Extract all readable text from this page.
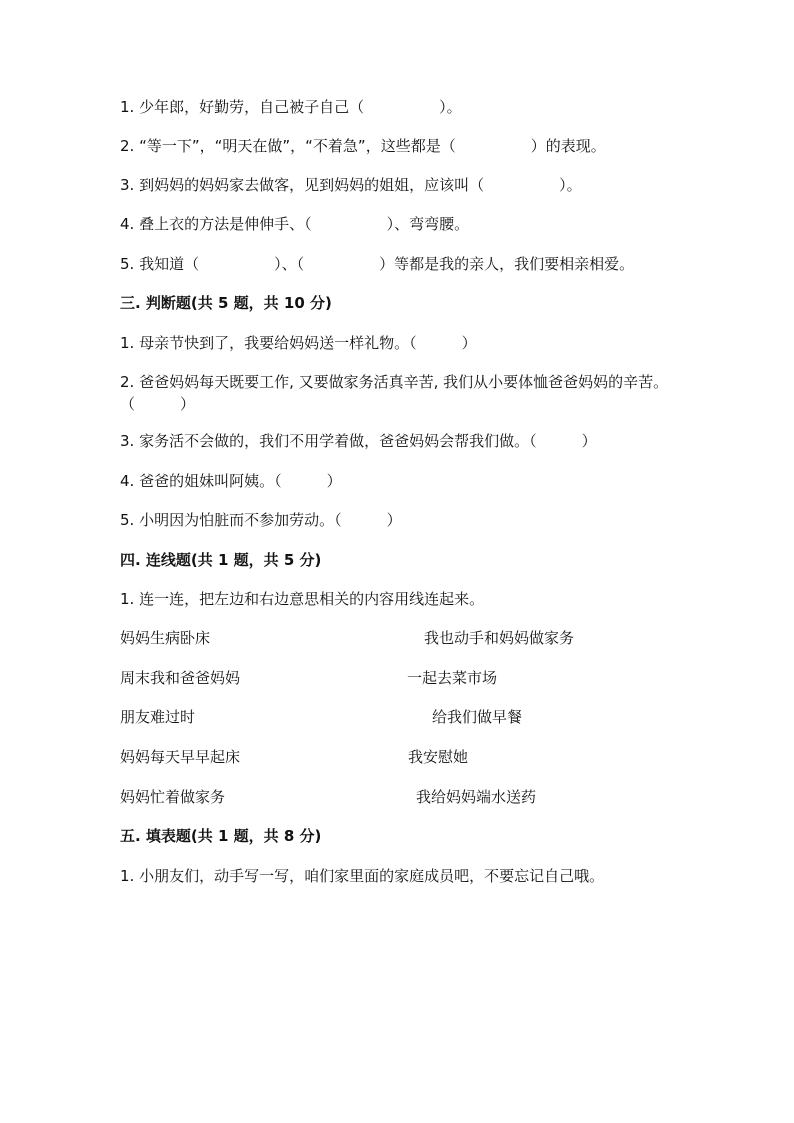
1. 少年郎，好勤劳，自己被子自己（　　　　　）。
2. “等一下”，“明天在做”，“不着急”，这些都是（　　　　　）的表现。
3. 到妈妈的妈妈家去做客，见到妈妈的姐姐，应该叫（　　　　　）。
4. 叠上衣的方法是伸伸手、（　　　　　）、弯弯腰。
5. 我知道（　　　　　）、（　　　　　）等都是我的亲人，我们要相亲相爱。
三. 判断题(共 5 题，共 10 分)
1. 母亲节快到了，我要给妈妈送一样礼物。（　　　）
2. 爸爸妈妈每天既要工作, 又要做家务活真辛苦, 我们从小要体恤爸爸妈妈的辛苦。（　　　）
3. 家务活不会做的，我们不用学着做，爸爸妈妈会帮我们做。（　　　）
4. 爸爸的姐妹叫阿姨。（　　　）
5. 小明因为怕脏而不参加劳动。（　　　）
四. 连线题(共 1 题，共 5 分)
1. 连一连，把左边和右边意思相关的内容用线连起来。
妈妈生病卧床	我也动手和妈妈做家务
周末我和爸爸妈妈	一起去菜市场
朋友难过时	给我们做早餐
妈妈每天早早起床	我安慰她
妈妈忙着做家务	我给妈妈端水送药
五. 填表题(共 1 题，共 8 分)
1. 小朋友们，动手写一写，咱们家里面的家庭成员吧，不要忘记自己哦。
